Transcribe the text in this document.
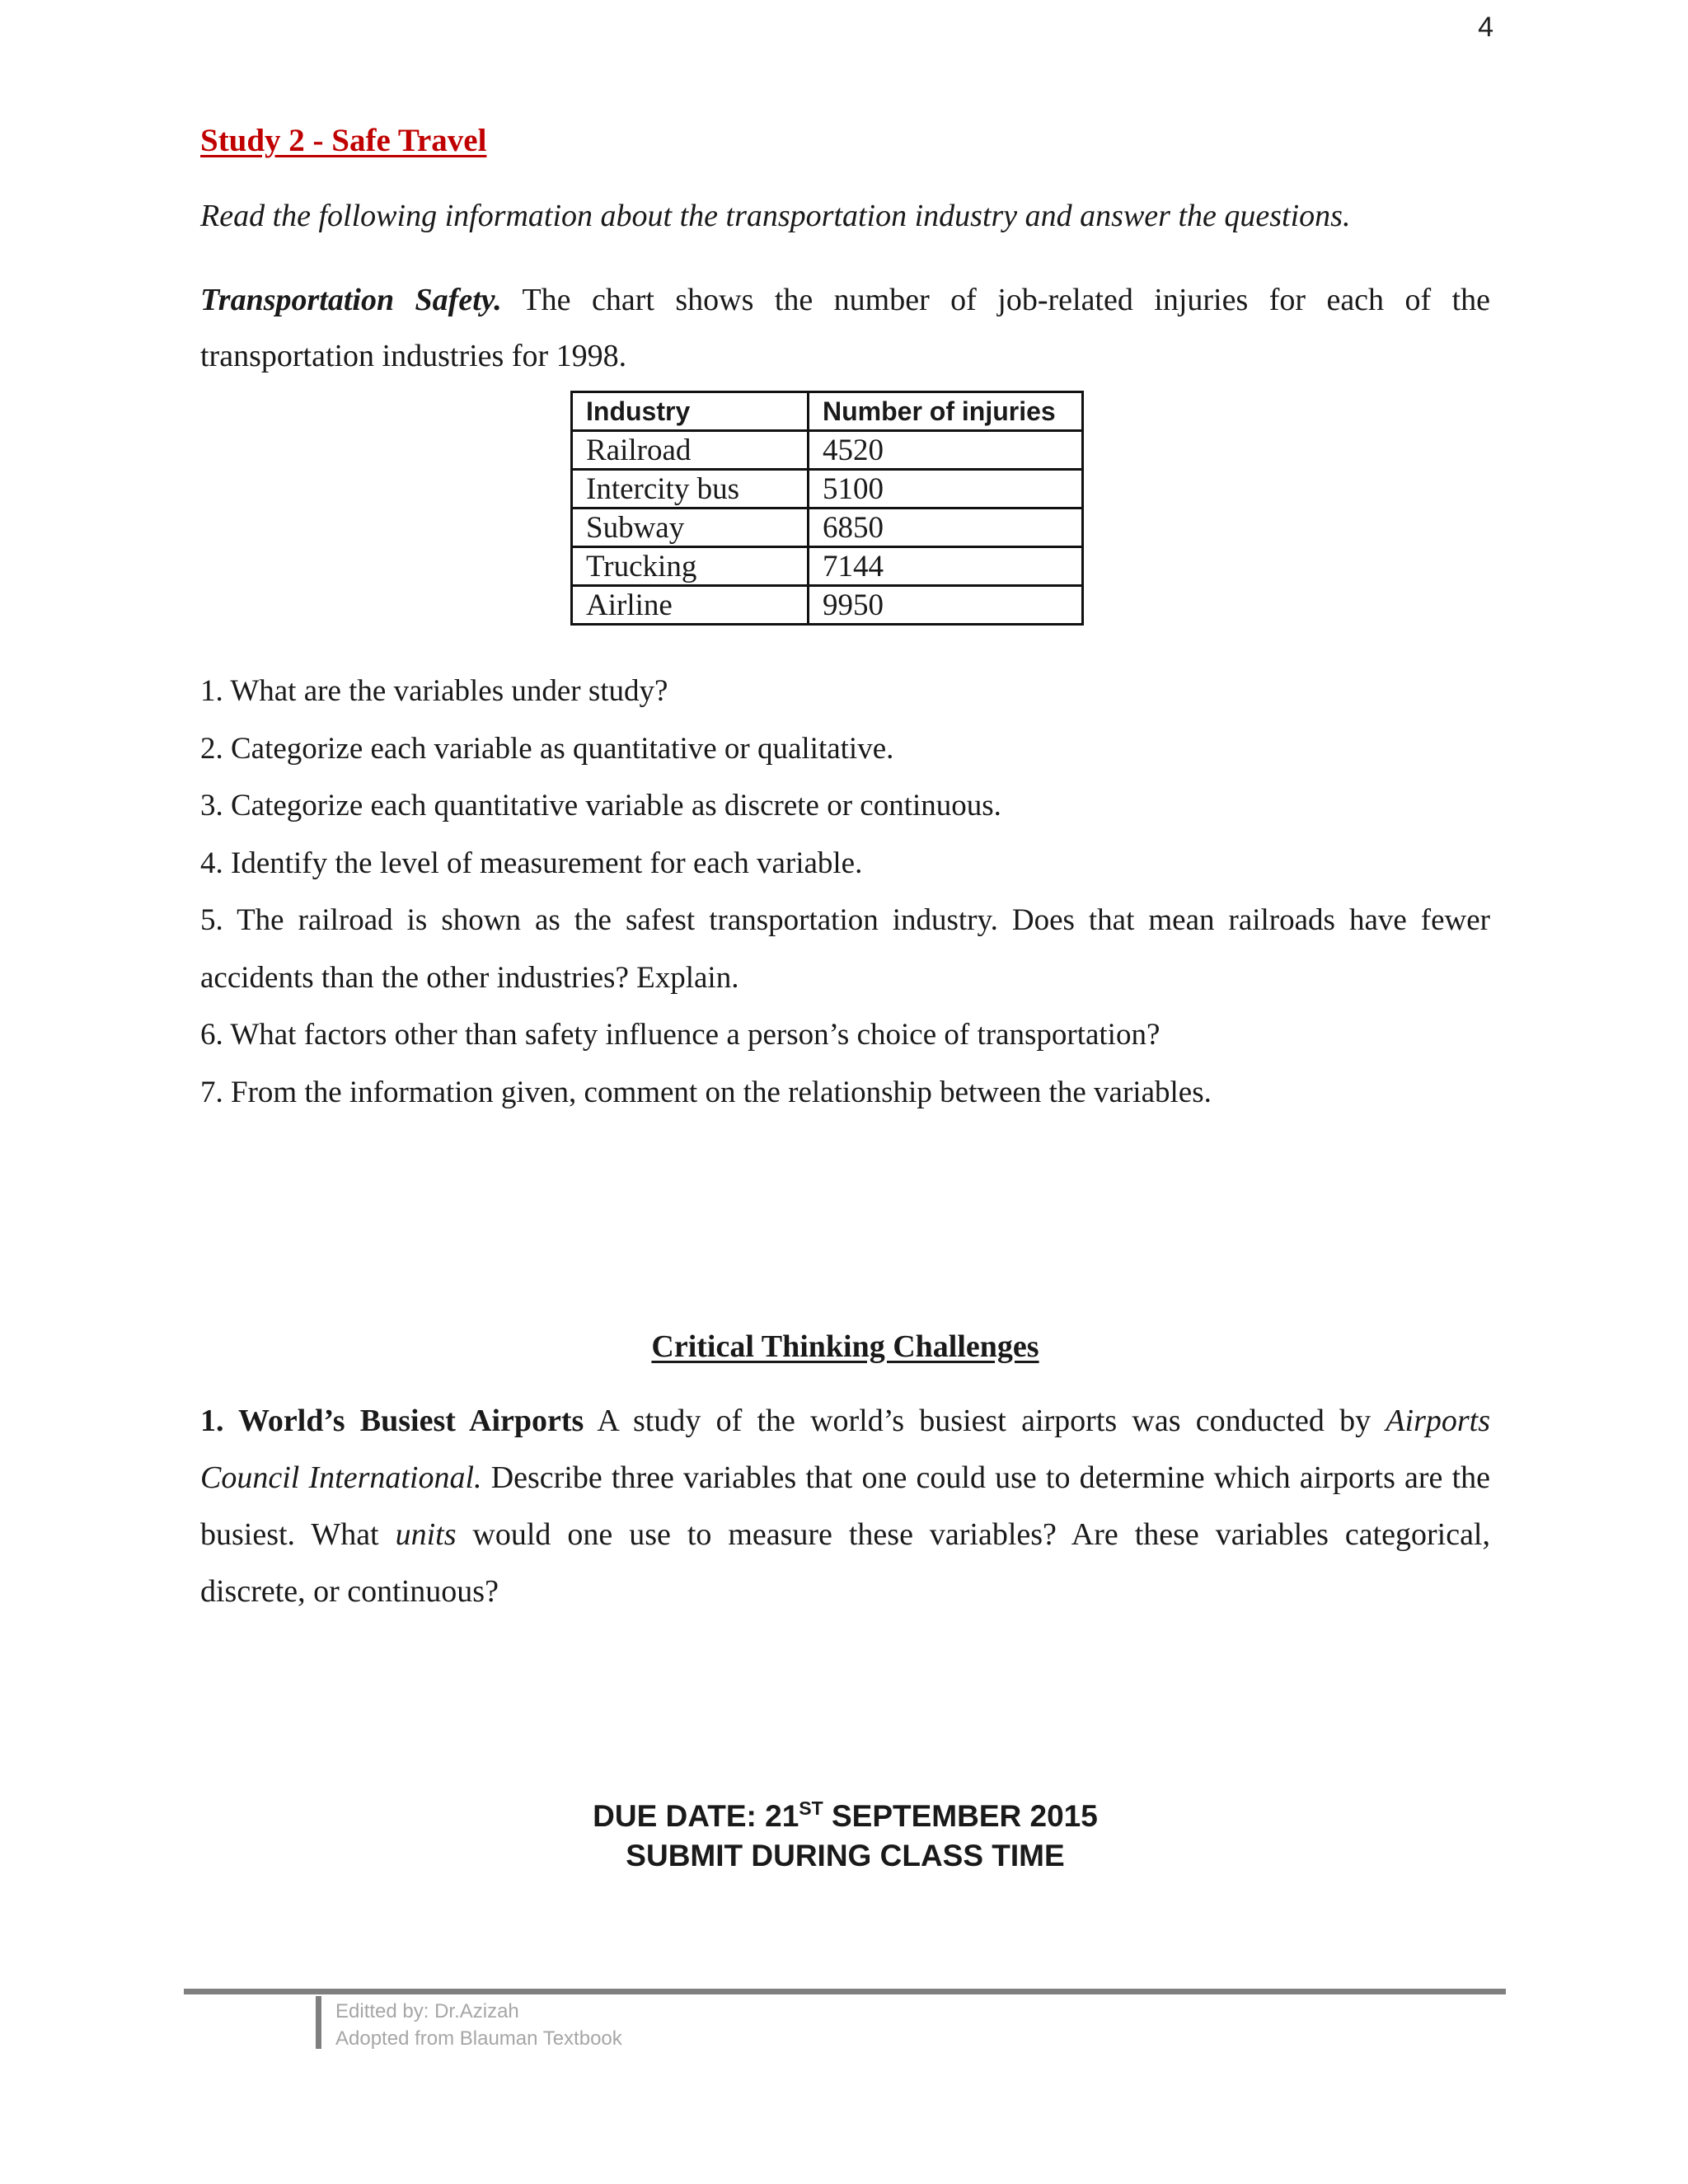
4
Study 2 - Safe Travel
Read the following information about the transportation industry and answer the questions.
Transportation Safety. The chart shows the number of job-related injuries for each of the transportation industries for 1998.
Industry	Number of injuries
Railroad	4520
Intercity bus	5100
Subway	6850
Trucking	7144
Airline	9950
1. What are the variables under study?
2. Categorize each variable as quantitative or qualitative.
3. Categorize each quantitative variable as discrete or continuous.
4. Identify the level of measurement for each variable.
5. The railroad is shown as the safest transportation industry. Does that mean railroads have fewer accidents than the other industries? Explain.
6. What factors other than safety influence a person’s choice of transportation?
7. From the information given, comment on the relationship between the variables.
Critical Thinking Challenges
1. World’s Busiest Airports A study of the world’s busiest airports was conducted by Airports Council International. Describe three variables that one could use to determine which airports are the busiest. What units would one use to measure these variables? Are these variables categorical, discrete, or continuous?
DUE DATE: 21ST SEPTEMBER 2015
SUBMIT DURING CLASS TIME
Editted by: Dr.Azizah
Adopted from Blauman Textbook
